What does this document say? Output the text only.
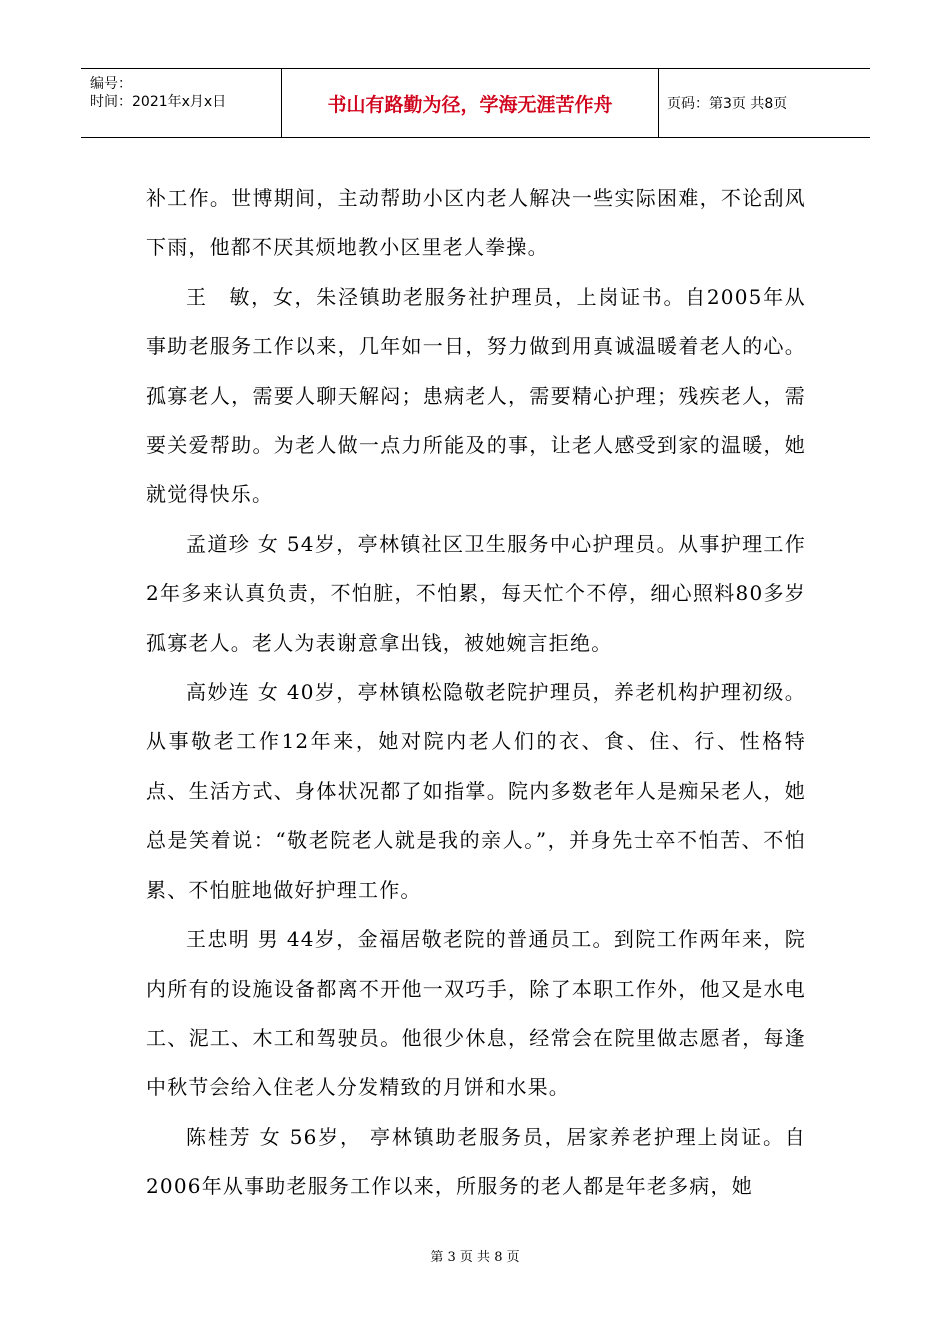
编号：
时间：2021年x月x日	书山有路勤为径，学海无涯苦作舟	页码：第3页 共8页

补工作。世博期间，主动帮助小区内老人解决一些实际困难，不论刮风下雨，他都不厌其烦地教小区里老人拳操。

王　敏，女，朱泾镇助老服务社护理员，上岗证书。自2005年从事助老服务工作以来，几年如一日，努力做到用真诚温暖着老人的心。孤寡老人，需要人聊天解闷；患病老人，需要精心护理；残疾老人，需要关爱帮助。为老人做一点力所能及的事，让老人感受到家的温暖，她就觉得快乐。

孟道珍 女 54岁，亭林镇社区卫生服务中心护理员。从事护理工作2年多来认真负责，不怕脏，不怕累，每天忙个不停，细心照料80多岁孤寡老人。老人为表谢意拿出钱，被她婉言拒绝。

高妙连 女 40岁，亭林镇松隐敬老院护理员，养老机构护理初级。从事敬老工作12年来，她对院内老人们的衣、食、住、行、性格特点、生活方式、身体状况都了如指掌。院内多数老年人是痴呆老人，她总是笑着说：“敬老院老人就是我的亲人。”，并身先士卒不怕苦、不怕累、不怕脏地做好护理工作。

王忠明 男 44岁，金福居敬老院的普通员工。到院工作两年来，院内所有的设施设备都离不开他一双巧手，除了本职工作外，他又是水电工、泥工、木工和驾驶员。他很少休息，经常会在院里做志愿者，每逢中秋节会给入住老人分发精致的月饼和水果。

陈桂芳 女 56岁， 亭林镇助老服务员，居家养老护理上岗证。自2006年从事助老服务工作以来，所服务的老人都是年老多病，她

第 3 页 共 8 页
